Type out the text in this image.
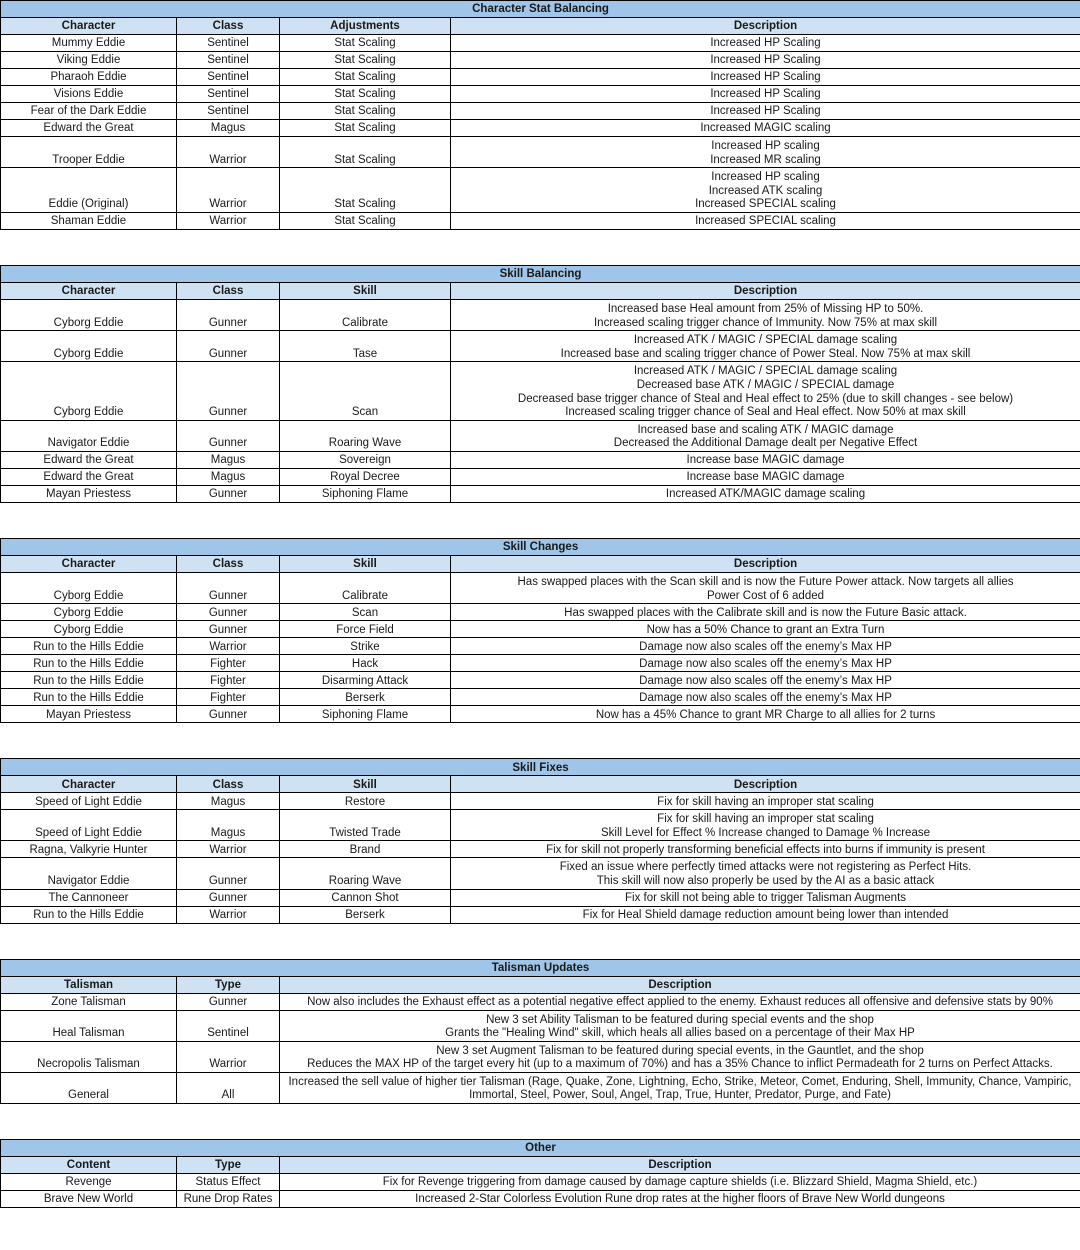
Character Stat Balancing			
Character	Class	Adjustments	Description
Mummy Eddie	Sentinel	Stat Scaling	Increased HP Scaling

Viking Eddie	Sentinel	Stat Scaling	Increased HP Scaling

Pharaoh Eddie	Sentinel	Stat Scaling	Increased HP Scaling

Visions Eddie	Sentinel	Stat Scaling	Increased HP Scaling

Fear of the Dark Eddie	Sentinel	Stat Scaling	Increased HP Scaling

Edward the Great	Magus	Stat Scaling	Increased MAGIC scaling

Trooper Eddie	Warrior	Stat Scaling	Increased HP scaling
Increased MR scaling

Eddie (Original)	Warrior	Stat Scaling	Increased HP scaling
Increased ATK scaling
Increased SPECIAL scaling

Shaman Eddie	Warrior	Stat Scaling	Increased SPECIAL scaling
Skill Balancing			
Character	Class	Skill	Description
Cyborg Eddie	Gunner	Calibrate	Increased base Heal amount from 25% of Missing HP to 50%.
Increased scaling trigger chance of Immunity. Now 75% at max skill

Cyborg Eddie	Gunner	Tase	Increased ATK / MAGIC / SPECIAL damage scaling
Increased base and scaling trigger chance of Power Steal. Now 75% at max skill

Cyborg Eddie	Gunner	Scan	Increased ATK / MAGIC / SPECIAL damage scaling
Decreased base ATK / MAGIC / SPECIAL damage
Decreased base trigger chance of Steal and Heal effect to 25% (due to skill changes - see below)
Increased scaling trigger chance of Seal and Heal effect. Now 50% at max skill

Navigator Eddie	Gunner	Roaring Wave	Increased base and scaling ATK / MAGIC damage
Decreased the Additional Damage dealt per Negative Effect

Edward the Great	Magus	Sovereign	Increase base MAGIC damage

Edward the Great	Magus	Royal Decree	Increase base MAGIC damage

Mayan Priestess	Gunner	Siphoning Flame	Increased ATK/MAGIC damage scaling
Skill Changes			
Character	Class	Skill	Description
Cyborg Eddie	Gunner	Calibrate	Has swapped places with the Scan skill and is now the Future Power attack. Now targets all allies
Power Cost of 6 added

Cyborg Eddie	Gunner	Scan	Has swapped places with the Calibrate skill and is now the Future Basic attack.

Cyborg Eddie	Gunner	Force Field	Now has a 50% Chance to grant an Extra Turn

Run to the Hills Eddie	Warrior	Strike	Damage now also scales off the enemy’s Max HP

Run to the Hills Eddie	Fighter	Hack	Damage now also scales off the enemy’s Max HP

Run to the Hills Eddie	Fighter	Disarming Attack	Damage now also scales off the enemy’s Max HP

Run to the Hills Eddie	Fighter	Berserk	Damage now also scales off the enemy’s Max HP

Mayan Priestess	Gunner	Siphoning Flame	Now has a 45% Chance to grant MR Charge to all allies for 2 turns
Skill Fixes			
Character	Class	Skill	Description
Speed of Light Eddie	Magus	Restore	Fix for skill having an improper stat scaling

Speed of Light Eddie	Magus	Twisted Trade	Fix for skill having an improper stat scaling
Skill Level for Effect % Increase changed to Damage % Increase

Ragna, Valkyrie Hunter	Warrior	Brand	Fix for skill not properly transforming beneficial effects into burns if immunity is present

Navigator Eddie	Gunner	Roaring Wave	Fixed an issue where perfectly timed attacks were not registering as Perfect Hits.
This skill will now also properly be used by the AI as a basic attack

The Cannoneer	Gunner	Cannon Shot	Fix for skill not being able to trigger Talisman Augments

Run to the Hills Eddie	Warrior	Berserk	Fix for Heal Shield damage reduction amount being lower than intended
Talisman Updates		
Talisman	Type	Description
Zone Talisman	Gunner	Now also includes the Exhaust effect as a potential negative effect applied to the enemy. Exhaust reduces all offensive and defensive stats by 90%

Heal Talisman	Sentinel	New 3 set Ability Talisman to be featured during special events and the shop
Grants the "Healing Wind" skill, which heals all allies based on a percentage of their Max HP

Necropolis Talisman	Warrior	New 3 set Augment Talisman to be featured during special events, in the Gauntlet, and the shop
Reduces the MAX HP of the target every hit (up to a maximum of 70%) and has a 35% Chance to inflict Permadeath for 2 turns on Perfect Attacks.

General	All	Increased the sell value of higher tier Talisman (Rage, Quake, Zone, Lightning, Echo, Strike, Meteor, Comet, Enduring, Shell, Immunity, Chance, Vampiric,
Immortal, Steel, Power, Soul, Angel, Trap, True, Hunter, Predator, Purge, and Fate)
Other		
Content	Type	Description
Revenge	Status Effect	Fix for Revenge triggering from damage caused by damage capture shields (i.e. Blizzard Shield, Magma Shield, etc.)

Brave New World	Rune Drop Rates	Increased 2-Star Colorless Evolution Rune drop rates at the higher floors of Brave New World dungeons
